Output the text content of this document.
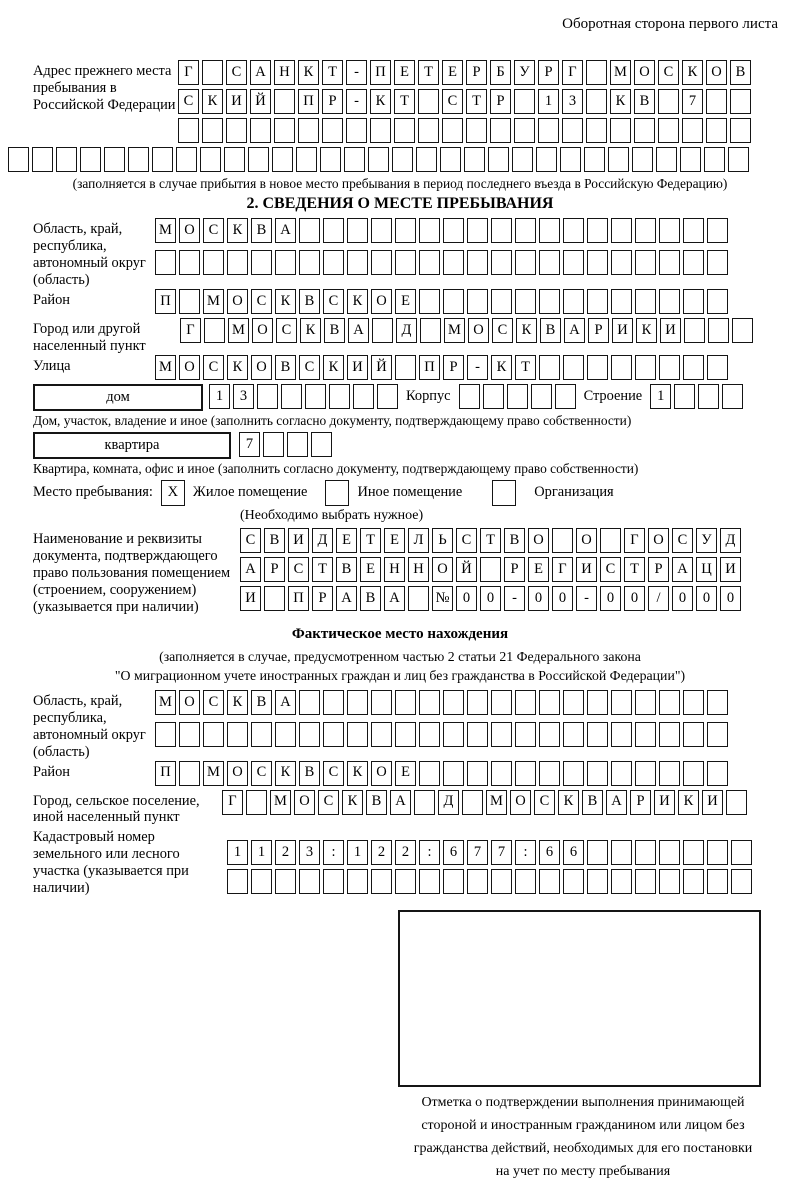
Оборотная сторона первого листа
Адрес прежнего места пребывания в Российской Федерации
Г	С А Н К	Т	-	П Е	Т	Е	Р	Б	У	Р	Г	М О С К О В
С К И Й	П	Р	-	К	Т	С	Т	Р	1	3	К В	7
(заполняется в случае прибытия в новое место пребывания в период последнего въезда в Российскую Федерацию)
2. СВЕДЕНИЯ О МЕСТЕ ПРЕБЫВАНИЯ
Область, край, республика, автономный округ (область)
М О С К В А
Район	П	М О С К В С К О Е
Город или другой населенный пункт
Г	М О С К В А	Д	М О С К В А	Р	И К И
Улица	М О С К О В С К И Й	П	Р	-	К	Т
дом	1	3	Корпус	Строение	1
Дом, участок, владение и иное (заполнить согласно документу, подтверждающему право собственности)
квартира	7
Квартира, комната, офис и иное (заполнить согласно документу, подтверждающему право собственности)
Место пребывания:	X	Жилое помещение	Иное помещение	Организация
(Необходимо выбрать нужное)
Наименование и реквизиты документа, подтверждающего право пользования помещением (строением, сооружением) (указывается при наличии)
С В И Д	Е	Т	Е	Л	Ь	С	Т	В О	О	Г	О С У Д
А	Р	С	Т	В	Е Н Н О Й	Р	Е	Г	И С	Т	Р	А Ц И
И	П	Р	А В А	№ 0	0	-	0	0	-	0	0	/	0	0	0
Фактическое место нахождения
(заполняется в случае, предусмотренном частью 2 статьи 21 Федерального закона
"О миграционном учете иностранных граждан и лиц без гражданства в Российской Федерации")
Область, край, республика, автономный округ (область)
М О С К В А
Район	П	М О С К В С К О Е
Город, сельское поселение, иной населенный пункт
Г	М О С К В А	Д	М О С К В А	Р	И К И
Кадастровый номер земельного или лесного участка (указывается при наличии)
1	1	2	3	:	1	2	2	:	6	7	7	:	6	6
Отметка о подтверждении выполнения принимающей
стороной и иностранным гражданином или лицом без
гражданства действий, необходимых для его постановки
на учет по месту пребывания
